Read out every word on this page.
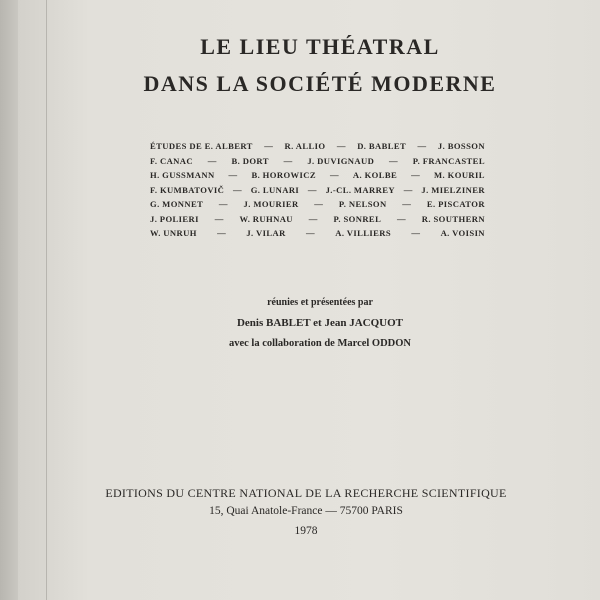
LE LIEU THÉATRAL
DANS LA SOCIÉTÉ MODERNE
ÉTUDES DE E. ALBERT — R. ALLIO — D. BABLET — J. BOSSON
F. CANAC — B. DORT — J. DUVIGNAUD — P. FRANCASTEL
H. GUSSMANN — B. HOROWICZ — A. KOLBE — M. KOURIL
F. KUMBATOVIČ — G. LUNARI — J.-CL. MARREY — J. MIELZINER
G. MONNET — J. MOURIER — P. NELSON — E. PISCATOR
J. POLIERI — W. RUHNAU — P. SONREL — R. SOUTHERN
W. UNRUH — J. VILAR — A. VILLIERS — A. VOISIN
réunies et présentées par
Denis BABLET et Jean JACQUOT
avec la collaboration de Marcel ODDON
EDITIONS DU CENTRE NATIONAL DE LA RECHERCHE SCIENTIFIQUE
15, Quai Anatole-France — 75700 PARIS
1978
